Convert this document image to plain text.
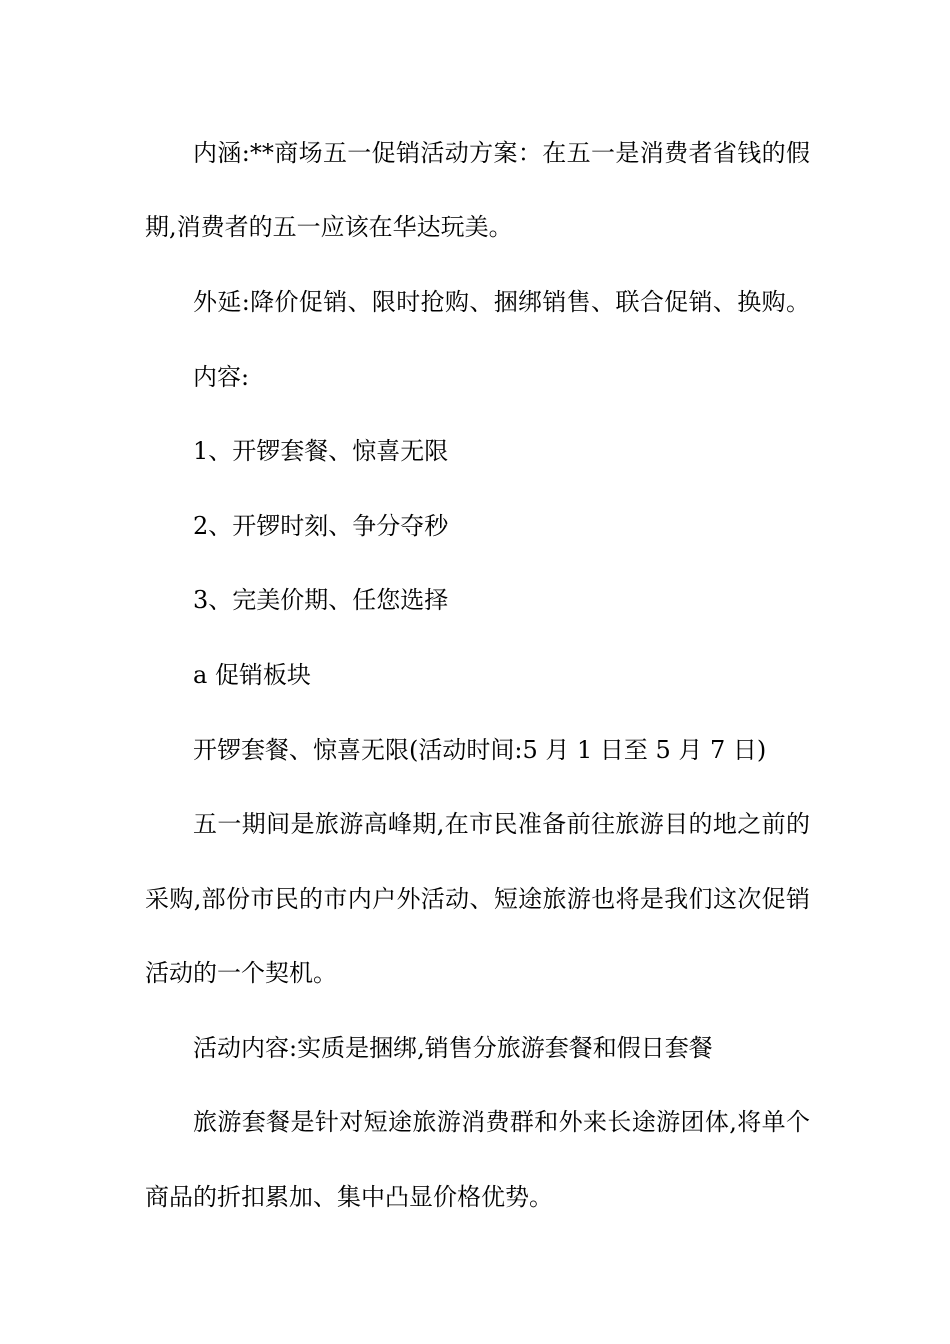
内涵:**商场五一促销活动方案：在五一是消费者省钱的假
期,消费者的五一应该在华达玩美。
外延:降价促销、限时抢购、捆绑销售、联合促销、换购。
内容:
1、开锣套餐、惊喜无限
2、开锣时刻、争分夺秒
3、完美价期、任您选择
a 促销板块
开锣套餐、惊喜无限(活动时间:5 月 1 日至 5 月 7 日)
五一期间是旅游高峰期,在市民准备前往旅游目的地之前的
采购,部份市民的市内户外活动、短途旅游也将是我们这次促销
活动的一个契机。
活动内容:实质是捆绑,销售分旅游套餐和假日套餐
旅游套餐是针对短途旅游消费群和外来长途游团体,将单个
商品的折扣累加、集中凸显价格优势。
